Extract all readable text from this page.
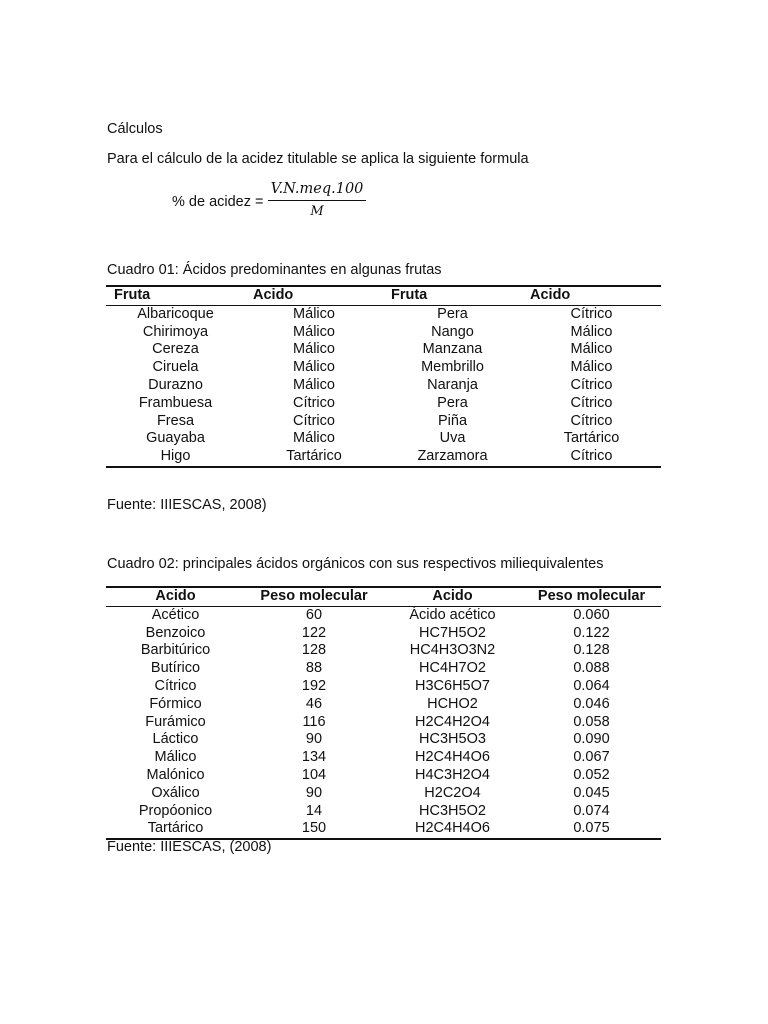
Cálculos
Para el cálculo de la acidez titulable se aplica la siguiente formula
% de acidez =
V.N.meq.100
M
Cuadro 01: Ácidos predominantes en algunas frutas
Fruta	Acido	Fruta	Acido
Albaricoque	Málico	Pera	Cítrico
Chirimoya	Málico	Nango	Málico
Cereza	Málico	Manzana	Málico
Ciruela	Málico	Membrillo	Málico
Durazno	Málico	Naranja	Cítrico
Frambuesa	Cítrico	Pera	Cítrico
Fresa	Cítrico	Piña	Cítrico
Guayaba	Málico	Uva	Tartárico
Higo	Tartárico	Zarzamora	Cítrico
Fuente: IIIESCAS, 2008)
Cuadro 02: principales ácidos orgánicos con sus respectivos miliequivalentes
Acido	Peso molecular	Acido	Peso molecular
Acético	60	Ácido acético	0.060
Benzoico	122	HC7H5O2	0.122
Barbitúrico	128	HC4H3O3N2	0.128
Butírico	88	HC4H7O2	0.088
Cítrico	192	H3C6H5O7	0.064
Fórmico	46	HCHO2	0.046
Furámico	116	H2C4H2O4	0.058
Láctico	90	HC3H5O3	0.090
Málico	134	H2C4H4O6	0.067
Malónico	104	H4C3H2O4	0.052
Oxálico	90	H2C2O4	0.045
Propóonico	14	HC3H5O2	0.074
Tartárico	150	H2C4H4O6	0.075
Fuente: IIIESCAS, (2008)
